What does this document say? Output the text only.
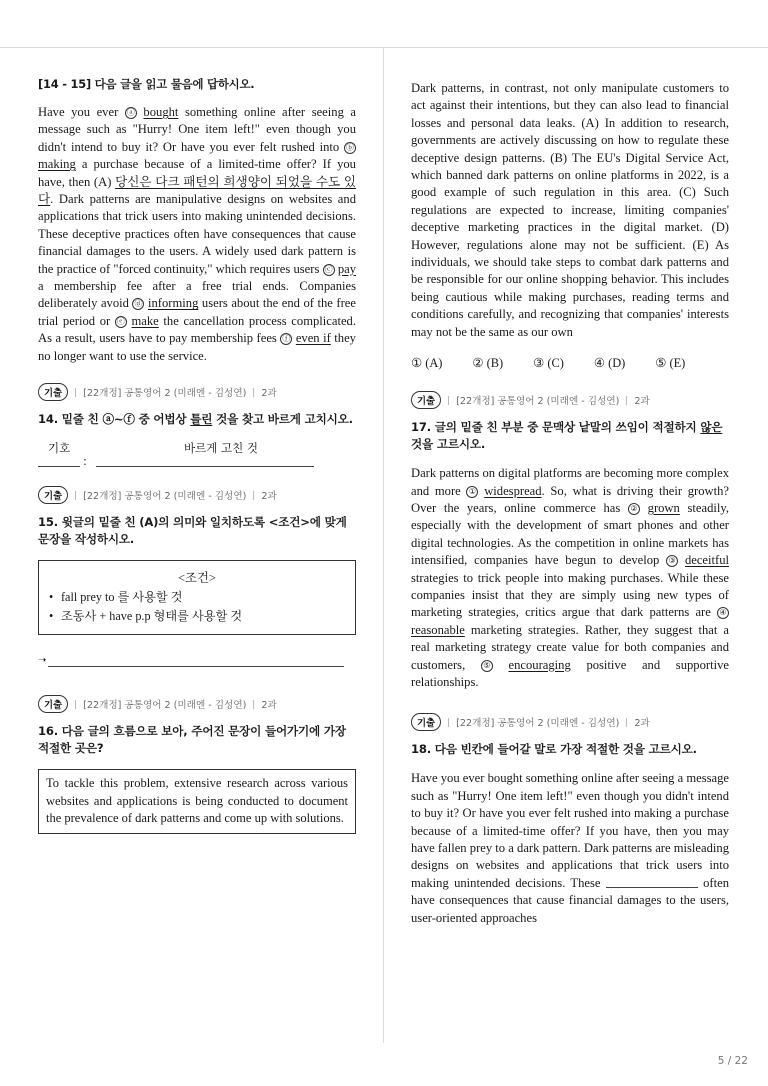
[14 - 15] 다음 글을 읽고 물음에 답하시오.

Have you ever ⓐ bought something online after seeing a message such as "Hurry! One item left!" even though you didn't intend to buy it? Or have you ever felt rushed into ⓑ making a purchase because of a limited-time offer? If you have, then (A) 당신은 다크 패턴의 희생양이 되었을 수도 있다. Dark patterns are manipulative designs on websites and applications that trick users into making unintended decisions. These deceptive practices often have consequences that cause financial damages to the users. A widely used dark pattern is the practice of "forced continuity," which requires users ⓒ pay a membership fee after a free trial ends. Companies deliberately avoid ⓓ informing users about the end of the free trial period or ⓔ make the cancellation process complicated. As a result, users have to pay membership fees ⓕ even if they no longer want to use the service.

기출	[22개정] 공통영어 2 (미래엔 - 김성연) 2과
14. 밑줄 친 ⓐ~ⓕ 중 어법상 틀린 것을 찾고 바르게 고치시오.
기호	바르게 고친 것
:
기출	[22개정] 공통영어 2 (미래엔 - 김성연) 2과
15. 윗글의 밑줄 친 (A)의 의미와 일치하도록 <조건>에 맞게 문장을 작성하시오.
<조건>
• fall prey to 를 사용할 것
• 조동사 + have p.p 형태를 사용할 것
➝
기출	[22개정] 공통영어 2 (미래엔 - 김성연) 2과
16. 다음 글의 흐름으로 보아, 주어진 문장이 들어가기에 가장 적절한 곳은?
To tackle this problem, extensive research across various websites and applications is being conducted to document the prevalence of dark patterns and come up with solutions.

Dark patterns, in contrast, not only manipulate customers to act against their intentions, but they can also lead to financial losses and personal data leaks. (A) In addition to research, governments are actively discussing on how to regulate these deceptive design patterns. (B) The EU's Digital Service Act, which banned dark patterns on online platforms in 2022, is a good example of such regulation in this area. (C) Such regulations are expected to increase, limiting companies' deceptive marketing practices in the digital market. (D) However, regulations alone may not be sufficient. (E) As individuals, we should take steps to combat dark patterns and be responsible for our online shopping behavior. This includes being cautious while making purchases, reading terms and conditions carefully, and recognizing that companies' interests may not be the same as our own

① (A) ② (B) ③ (C) ④ (D) ⑤ (E)
기출	[22개정] 공통영어 2 (미래엔 - 김성연) 2과
17. 글의 밑줄 친 부분 중 문맥상 낱말의 쓰임이 적절하지 않은 것을 고르시오.

Dark patterns on digital platforms are becoming more complex and more ① widespread. So, what is driving their growth? Over the years, online commerce has ② grown steadily, especially with the development of smart phones and other digital technologies. As the competition in online markets has intensified, companies have begun to develop ③ deceitful strategies to trick people into making purchases. While these companies insist that they are simply using new types of marketing strategies, critics argue that dark patterns are ④ reasonable marketing strategies. Rather, they suggest that a real marketing strategy create value for both companies and customers, ⑤ encouraging positive and supportive relationships.

기출	[22개정] 공통영어 2 (미래엔 - 김성연) 2과
18. 다음 빈칸에 들어갈 말로 가장 적절한 것을 고르시오.

Have you ever bought something online after seeing a message such as "Hurry! One item left!" even though you didn't intend to buy it? Or have you ever felt rushed into making a purchase because of a limited-time offer? If you have, then you may have fallen prey to a dark pattern. Dark patterns are misleading designs on websites and applications that trick users into making unintended decisions. These	often have consequences that cause financial damages to the users, user-oriented approaches

5 / 22
